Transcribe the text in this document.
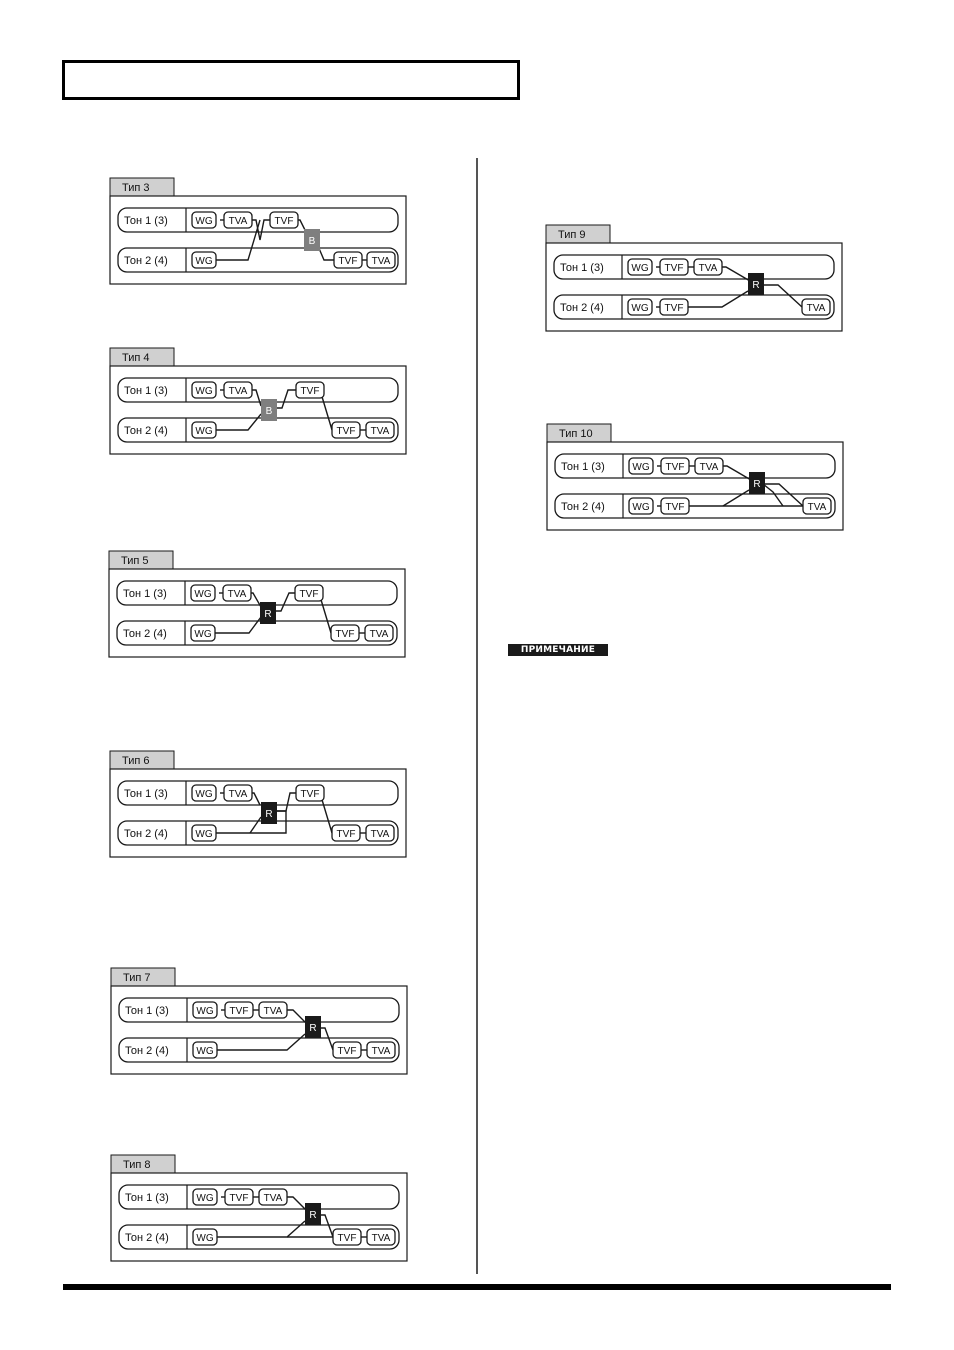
Тип 3
Тон 1 (3)
Тон 2 (4)
WG TVA	TVF
WG	TVF TVA
B
Тип 4
Тон 1 (3)
Тон 2 (4)
WG TVA	TVF
WG	TVF TVA
B
Тип 5
Тон 1 (3)
Тон 2 (4)
WG TVA	TVF
WG	TVF TVA
R
Тип 6
Тон 1 (3)
Тон 2 (4)
WG TVA	TVF
WG	TVF TVA
R
Тип 7
Тон 1 (3)
Тон 2 (4)
WG TVF TVA
WG	TVF TVA
R
Тип 8
Тон 1 (3)
Тон 2 (4)
WG TVF TVA
WG	TVF TVA
R
Тип 9
Тон 1 (3)
Тон 2 (4)
WG TVF TVA
WG TVF	TVA
R
Тип 10
Тон 1 (3)
Тон 2 (4)
WG TVF TVA
WG TVF	TVA
R
ПРИМЕЧАНИЕ
